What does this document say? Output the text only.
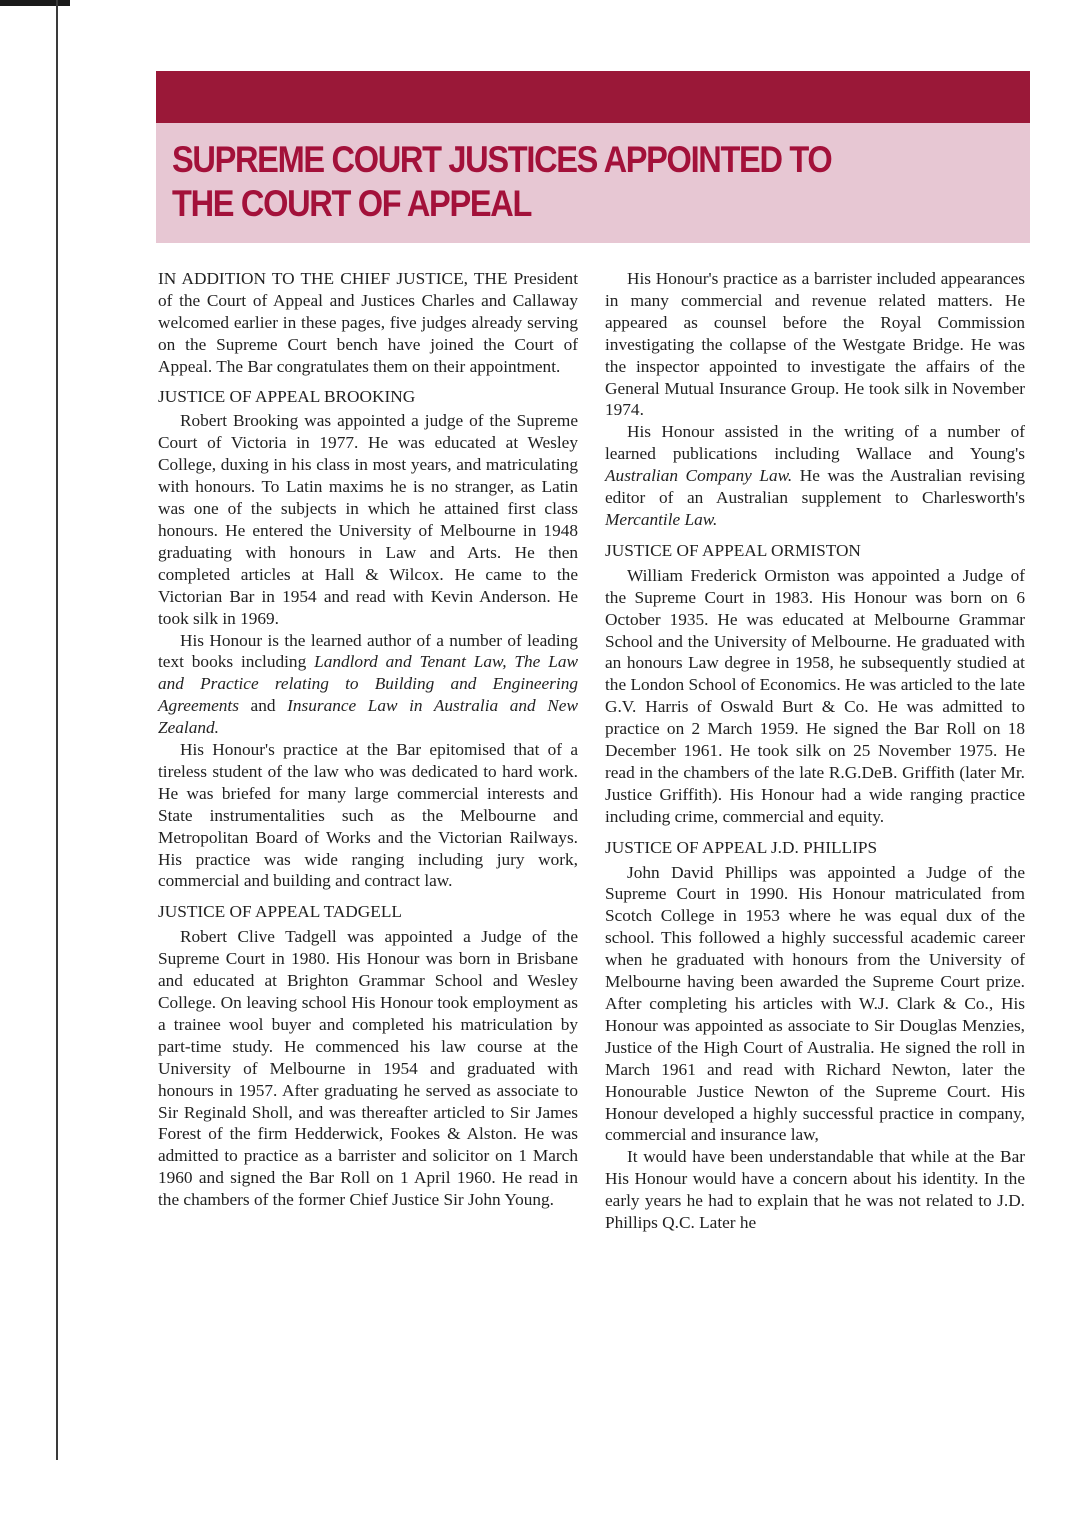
SUPREME COURT JUSTICES APPOINTED TO THE COURT OF APPEAL

IN ADDITION TO THE CHIEF JUSTICE, THE President of the Court of Appeal and Justices Charles and Callaway welcomed earlier in these pages, five judges already serving on the Supreme Court bench have joined the Court of Appeal. The Bar congratulates them on their appointment.

JUSTICE OF APPEAL BROOKING

Robert Brooking was appointed a judge of the Supreme Court of Victoria in 1977. He was educated at Wesley College, duxing in his class in most years, and matriculating with honours. To Latin maxims he is no stranger, as Latin was one of the subjects in which he attained first class honours. He entered the University of Melbourne in 1948 graduating with honours in Law and Arts. He then completed articles at Hall & Wilcox. He came to the Victorian Bar in 1954 and read with Kevin Anderson. He took silk in 1969.

His Honour is the learned author of a number of leading text books including Landlord and Tenant Law, The Law and Practice relating to Building and Engineering Agreements and Insurance Law in Australia and New Zealand.

His Honour's practice at the Bar epitomised that of a tireless student of the law who was dedicated to hard work. He was briefed for many large commercial interests and State instrumentalities such as the Melbourne and Metropolitan Board of Works and the Victorian Railways. His practice was wide ranging including jury work, commercial and building and contract law.

JUSTICE OF APPEAL TADGELL

Robert Clive Tadgell was appointed a Judge of the Supreme Court in 1980. His Honour was born in Brisbane and educated at Brighton Grammar School and Wesley College. On leaving school His Honour took employment as a trainee wool buyer and completed his matriculation by part-time study. He commenced his law course at the University of Melbourne in 1954 and graduated with honours in 1957. After graduating he served as associate to Sir Reginald Sholl, and was thereafter articled to Sir James Forest of the firm Hedderwick, Fookes & Alston. He was admitted to practice as a barrister and solicitor on 1 March 1960 and signed the Bar Roll on 1 April 1960. He read in the chambers of the former Chief Justice Sir John Young.

His Honour's practice as a barrister included appearances in many commercial and revenue related matters. He appeared as counsel before the Royal Commission investigating the collapse of the Westgate Bridge. He was the inspector appointed to investigate the affairs of the General Mutual Insurance Group. He took silk in November 1974.

His Honour assisted in the writing of a number of learned publications including Wallace and Young's Australian Company Law. He was the Australian revising editor of an Australian supplement to Charlesworth's Mercantile Law.

JUSTICE OF APPEAL ORMISTON

William Frederick Ormiston was appointed a Judge of the Supreme Court in 1983. His Honour was born on 6 October 1935. He was educated at Melbourne Grammar School and the University of Melbourne. He graduated with an honours Law degree in 1958, he subsequently studied at the London School of Economics. He was articled to the late G.V. Harris of Oswald Burt & Co. He was admitted to practice on 2 March 1959. He signed the Bar Roll on 18 December 1961. He took silk on 25 November 1975. He read in the chambers of the late R.G.DeB. Griffith (later Mr. Justice Griffith). His Honour had a wide ranging practice including crime, commercial and equity.

JUSTICE OF APPEAL J.D. PHILLIPS

John David Phillips was appointed a Judge of the Supreme Court in 1990. His Honour matriculated from Scotch College in 1953 where he was equal dux of the school. This followed a highly successful academic career when he graduated with honours from the University of Melbourne having been awarded the Supreme Court prize. After completing his articles with W.J. Clark & Co., His Honour was appointed as associate to Sir Douglas Menzies, Justice of the High Court of Australia. He signed the roll in March 1961 and read with Richard Newton, later the Honourable Justice Newton of the Supreme Court. His Honour developed a highly successful practice in company, commercial and insurance law,

It would have been understandable that while at the Bar His Honour would have a concern about his identity. In the early years he had to explain that he was not related to J.D. Phillips Q.C. Later he
